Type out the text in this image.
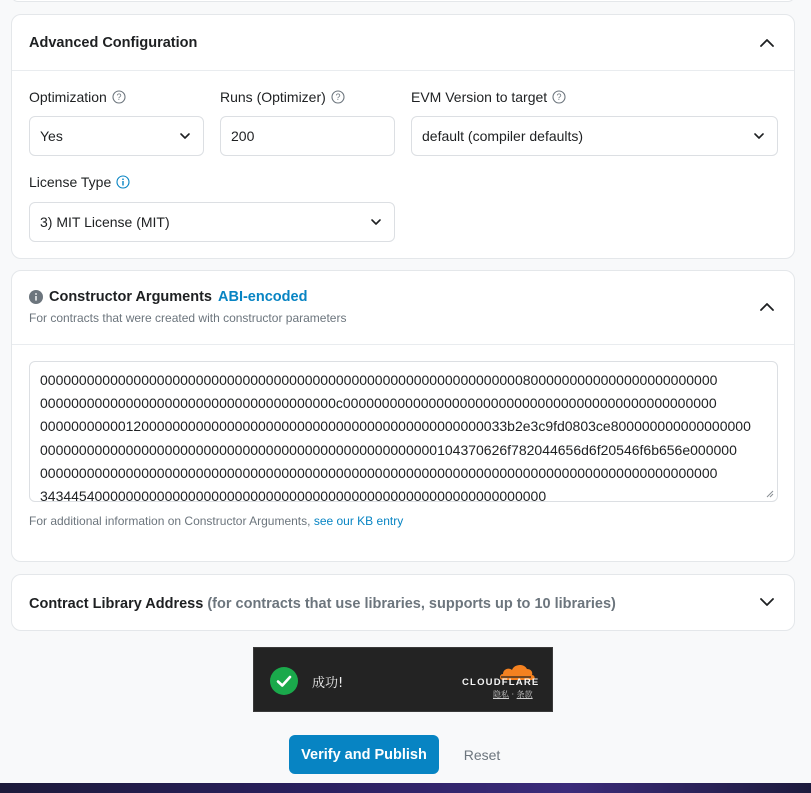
Advanced Configuration
Optimization ?
Yes
Runs (Optimizer) ?
200
EVM Version to target ?
default (compiler defaults)
License Type
3) MIT License (MIT)
Constructor Arguments ABI-encoded
For contracts that were created with constructor parameters
000000000000000000000000000000000000000000000000000000000000008000000000000000000000000
00000000000000000000000000000000000000c000000000000000000000000000000000000000000000000
000000000001200000000000000000000000000000000000000000000033b2e3c9fd0803ce800000000000000000
000000000000000000000000000000000000000000000000000104370626f782044656d6f20546f6b656e000000
000000000000000000000000000000000000000000000000000000000000000000000000000000000000000
34344540000000000000000000000000000000000000000000000000000000000
For additional information on Constructor Arguments, see our KB entry
Contract Library Address (for contracts that use libraries, supports up to 10 libraries)
成功!	CLOUDFLARE
隐私 · 条款
Verify and Publish	Reset
